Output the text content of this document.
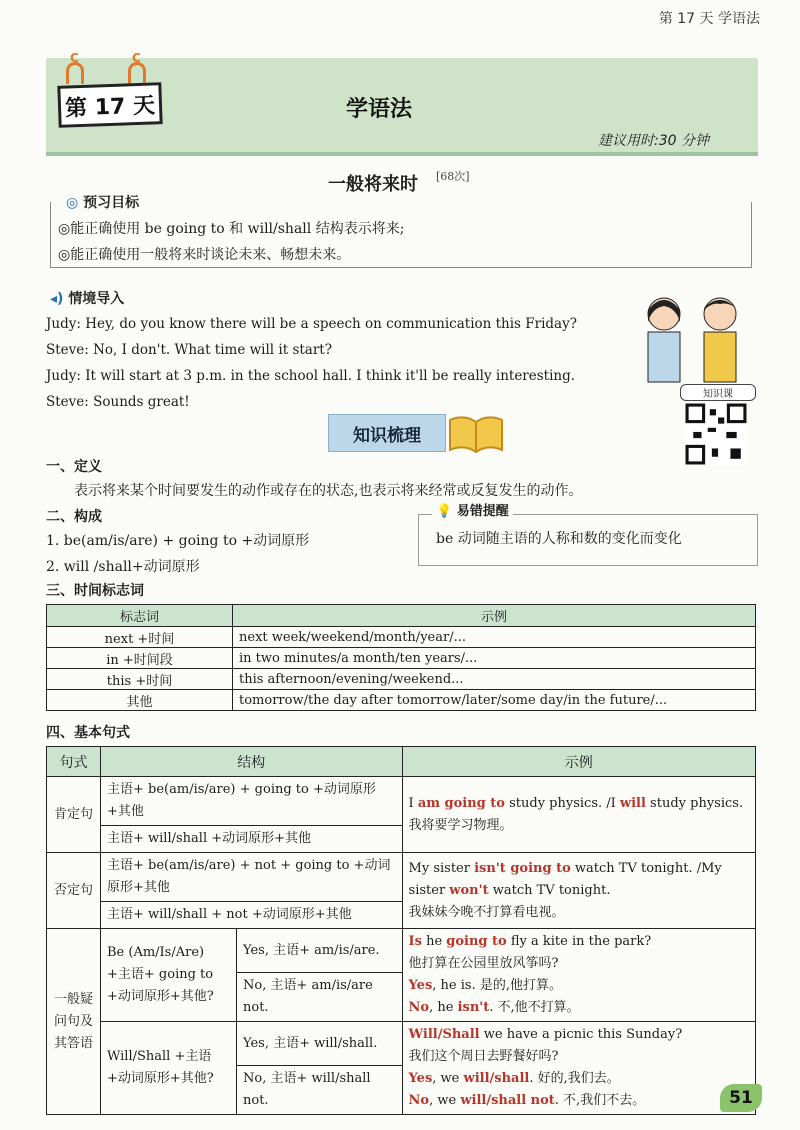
第 17 天 学语法
C	C
第 17 天	学语法
建议用时:30 分钟
一般将来时 [68次]
◎ 预习目标
◎能正确使用 be going to 和 will/shall 结构表示将来;
◎能正确使用一般将来时谈论未来、畅想未来。
◂) 情境导入
Judy: Hey, do you know there will be a speech on communication this Friday?
Steve: No, I don't. What time will it start?
Judy: It will start at 3 p.m. in the school hall. I think it'll be really interesting.
Steve: Sounds great!	知识课
知识梳理
一、定义
表示将来某个时间要发生的动作或存在的状态,也表示将来经常或反复发生的动作。
二、构成
1. be(am/is/are) + going to +动词原形
2. will /shall+动词原形
💡 易错提醒
be 动词随主语的人称和数的变化而变化
三、时间标志词
标志词	示例
next +时间	next week/weekend/month/year/...
in +时间段	in two minutes/a month/ten years/...
this +时间	this afternoon/evening/weekend...
其他	tomorrow/the day after tomorrow/later/some day/in the future/...
四、基本句式
句式	结构		示例
肯定句	主语+ be(am/is/are) + going to +动词原形+其他		I am going to study physics. /I will study physics. 我将要学习物理。
	主语+ will/shall +动词原形+其他		
否定句	主语+ be(am/is/are) + not + going to +动词原形+其他		My sister isn't going to watch TV tonight. /My sister won't watch TV tonight.
我妹妹今晚不打算看电视。
	主语+ will/shall + not +动词原形+其他		
一般疑问句及其答语	Be (Am/Is/Are) +主语+ going to +动词原形+其他?	Yes, 主语+ am/is/are.	Is he going to fly a kite in the park?
他打算在公园里放风筝吗?
Yes, he is. 是的,他打算。
No, he isn't. 不,他不打算。
		No, 主语+ am/is/are not.	
	Will/Shall +主语+动词原形+其他?	Yes, 主语+ will/shall.	Will/Shall we have a picnic this Sunday?
我们这个周日去野餐好吗?
Yes, we will/shall. 好的,我们去。
No, we will/shall not. 不,我们不去。
		No, 主语+ will/shall not.		51
